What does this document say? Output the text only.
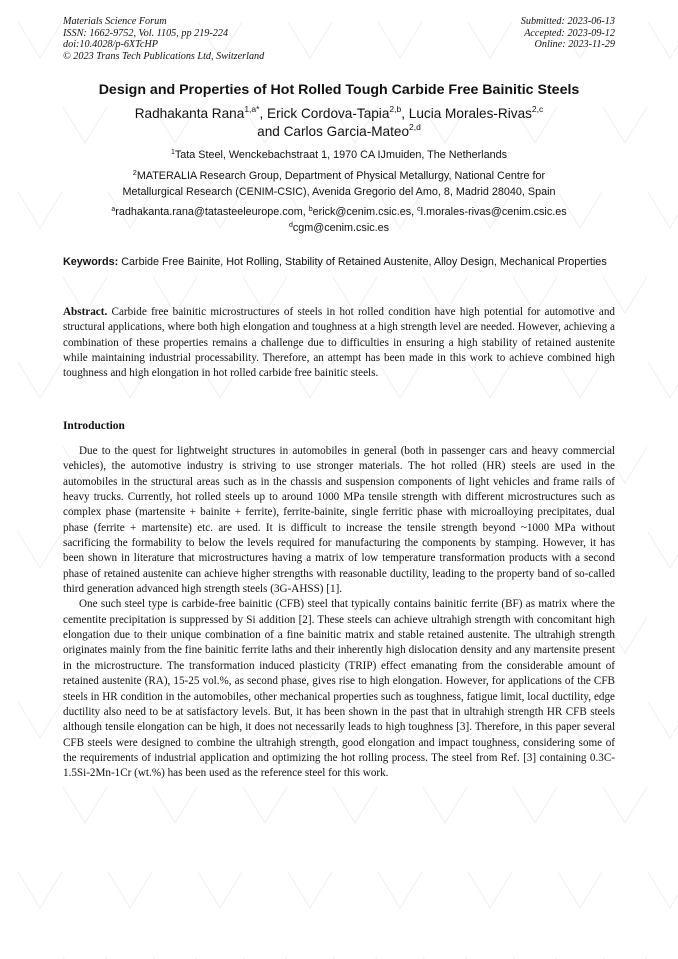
Materials Science Forum
ISSN: 1662-9752, Vol. 1105, pp 219-224
doi:10.4028/p-6XTcHP
© 2023 Trans Tech Publications Ltd, Switzerland
Submitted: 2023-06-13
Accepted: 2023-09-12
Online: 2023-11-29
Design and Properties of Hot Rolled Tough Carbide Free Bainitic Steels
Radhakanta Rana$^{1,a*}$, Erick Cordova-Tapia$^{2,b}$, Lucia Morales-Rivas$^{2,c}$
and Carlos Garcia-Mateo$^{2,d}$
$^1$Tata Steel, Wenckebachstraat 1, 1970 CA IJmuiden, The Netherlands
$^2$MATERALIA Research Group, Department of Physical Metallurgy, National Centre for
Metallurgical Research (CENIM-CSIC), Avenida Gregorio del Amo, 8, Madrid 28040, Spain
$^a$radhakanta.rana@tatasteeleurope.com, $^b$erick@cenim.csic.es, $^c$l.morales-rivas@cenim.csic.es
$^d$cgm@cenim.csic.es
Keywords: Carbide Free Bainite, Hot Rolling, Stability of Retained Austenite, Alloy Design, Mechanical Properties

Abstract. Carbide free bainitic microstructures of steels in hot rolled condition have high potential for automotive and structural applications, where both high elongation and toughness at a high strength level are needed. However, achieving a combination of these properties remains a challenge due to difficulties in ensuring a high stability of retained austenite while maintaining industrial processability. Therefore, an attempt has been made in this work to achieve combined high toughness and high elongation in hot rolled carbide free bainitic steels.

Introduction

Due to the quest for lightweight structures in automobiles in general (both in passenger cars and heavy commercial vehicles), the automotive industry is striving to use stronger materials. The hot rolled (HR) steels are used in the automobiles in the structural areas such as in the chassis and suspension components of light vehicles and frame rails of heavy trucks. Currently, hot rolled steels up to around 1000 MPa tensile strength with different microstructures such as complex phase (martensite + bainite + ferrite), ferrite-bainite, single ferritic phase with microalloying precipitates, dual phase (ferrite + martensite) etc. are used. It is difficult to increase the tensile strength beyond ~1000 MPa without sacrificing the formability to below the levels required for manufacturing the components by stamping. However, it has been shown in literature that microstructures having a matrix of low temperature transformation products with a second phase of retained austenite can achieve higher strengths with reasonable ductility, leading to the property band of so-called third generation advanced high strength steels (3G-AHSS) [1].

One such steel type is carbide-free bainitic (CFB) steel that typically contains bainitic ferrite (BF) as matrix where the cementite precipitation is suppressed by Si addition [2]. These steels can achieve ultrahigh strength with concomitant high elongation due to their unique combination of a fine bainitic matrix and stable retained austenite. The ultrahigh strength originates mainly from the fine bainitic ferrite laths and their inherently high dislocation density and any martensite present in the microstructure. The transformation induced plasticity (TRIP) effect emanating from the considerable amount of retained austenite (RA), 15-25 vol.%, as second phase, gives rise to high elongation. However, for applications of the CFB steels in HR condition in the automobiles, other mechanical properties such as toughness, fatigue limit, local ductility, edge ductility also need to be at satisfactory levels. But, it has been shown in the past that in ultrahigh strength HR CFB steels although tensile elongation can be high, it does not necessarily leads to high toughness [3]. Therefore, in this paper several CFB steels were designed to combine the ultrahigh strength, good elongation and impact toughness, considering some of the requirements of industrial application and optimizing the hot rolling process. The steel from Ref. [3] containing 0.3C-1.5Si-2Mn-1Cr (wt.%) has been used as the reference steel for this work.
